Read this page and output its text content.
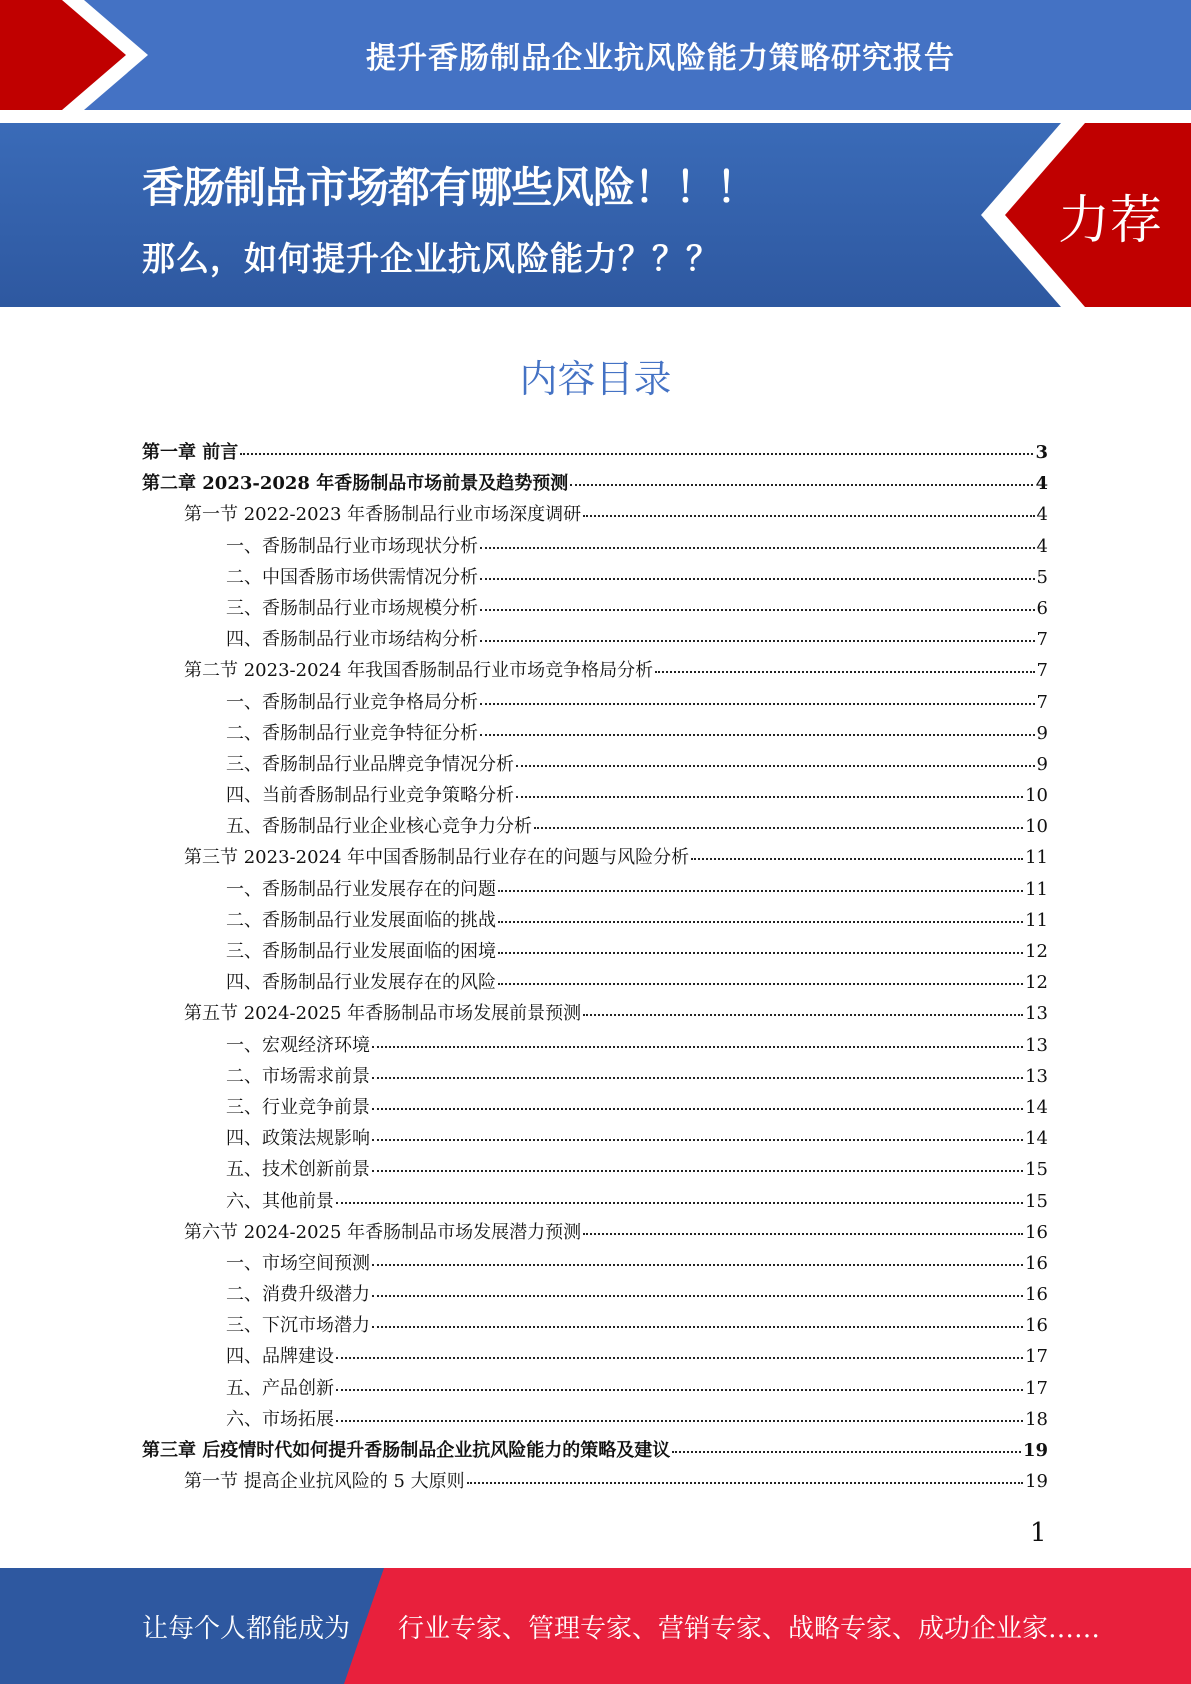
提升香肠制品企业抗风险能力策略研究报告
香肠制品市场都有哪些风险！！！
那么，如何提升企业抗风险能力？？？
力荐
内容目录
第一章 前言	3
第二章 2023-2028 年香肠制品市场前景及趋势预测	4
第一节 2022-2023 年香肠制品行业市场深度调研	4
一、香肠制品行业市场现状分析	4
二、中国香肠市场供需情况分析	5
三、香肠制品行业市场规模分析	6
四、香肠制品行业市场结构分析	7
第二节 2023-2024 年我国香肠制品行业市场竞争格局分析	7
一、香肠制品行业竞争格局分析	7
二、香肠制品行业竞争特征分析	9
三、香肠制品行业品牌竞争情况分析	9
四、当前香肠制品行业竞争策略分析	10
五、香肠制品行业企业核心竞争力分析	10
第三节 2023-2024 年中国香肠制品行业存在的问题与风险分析	11
一、香肠制品行业发展存在的问题	11
二、香肠制品行业发展面临的挑战	11
三、香肠制品行业发展面临的困境	12
四、香肠制品行业发展存在的风险	12
第五节 2024-2025 年香肠制品市场发展前景预测	13
一、宏观经济环境	13
二、市场需求前景	13
三、行业竞争前景	14
四、政策法规影响	14
五、技术创新前景	15
六、其他前景	15
第六节 2024-2025 年香肠制品市场发展潜力预测	16
一、市场空间预测	16
二、消费升级潜力	16
三、下沉市场潜力	16
四、品牌建设	17
五、产品创新	17
六、市场拓展	18
第三章 后疫情时代如何提升香肠制品企业抗风险能力的策略及建议	19
第一节 提高企业抗风险的 5 大原则	19
1
让每个人都能成为 行业专家、管理专家、营销专家、战略专家、成功企业家……
